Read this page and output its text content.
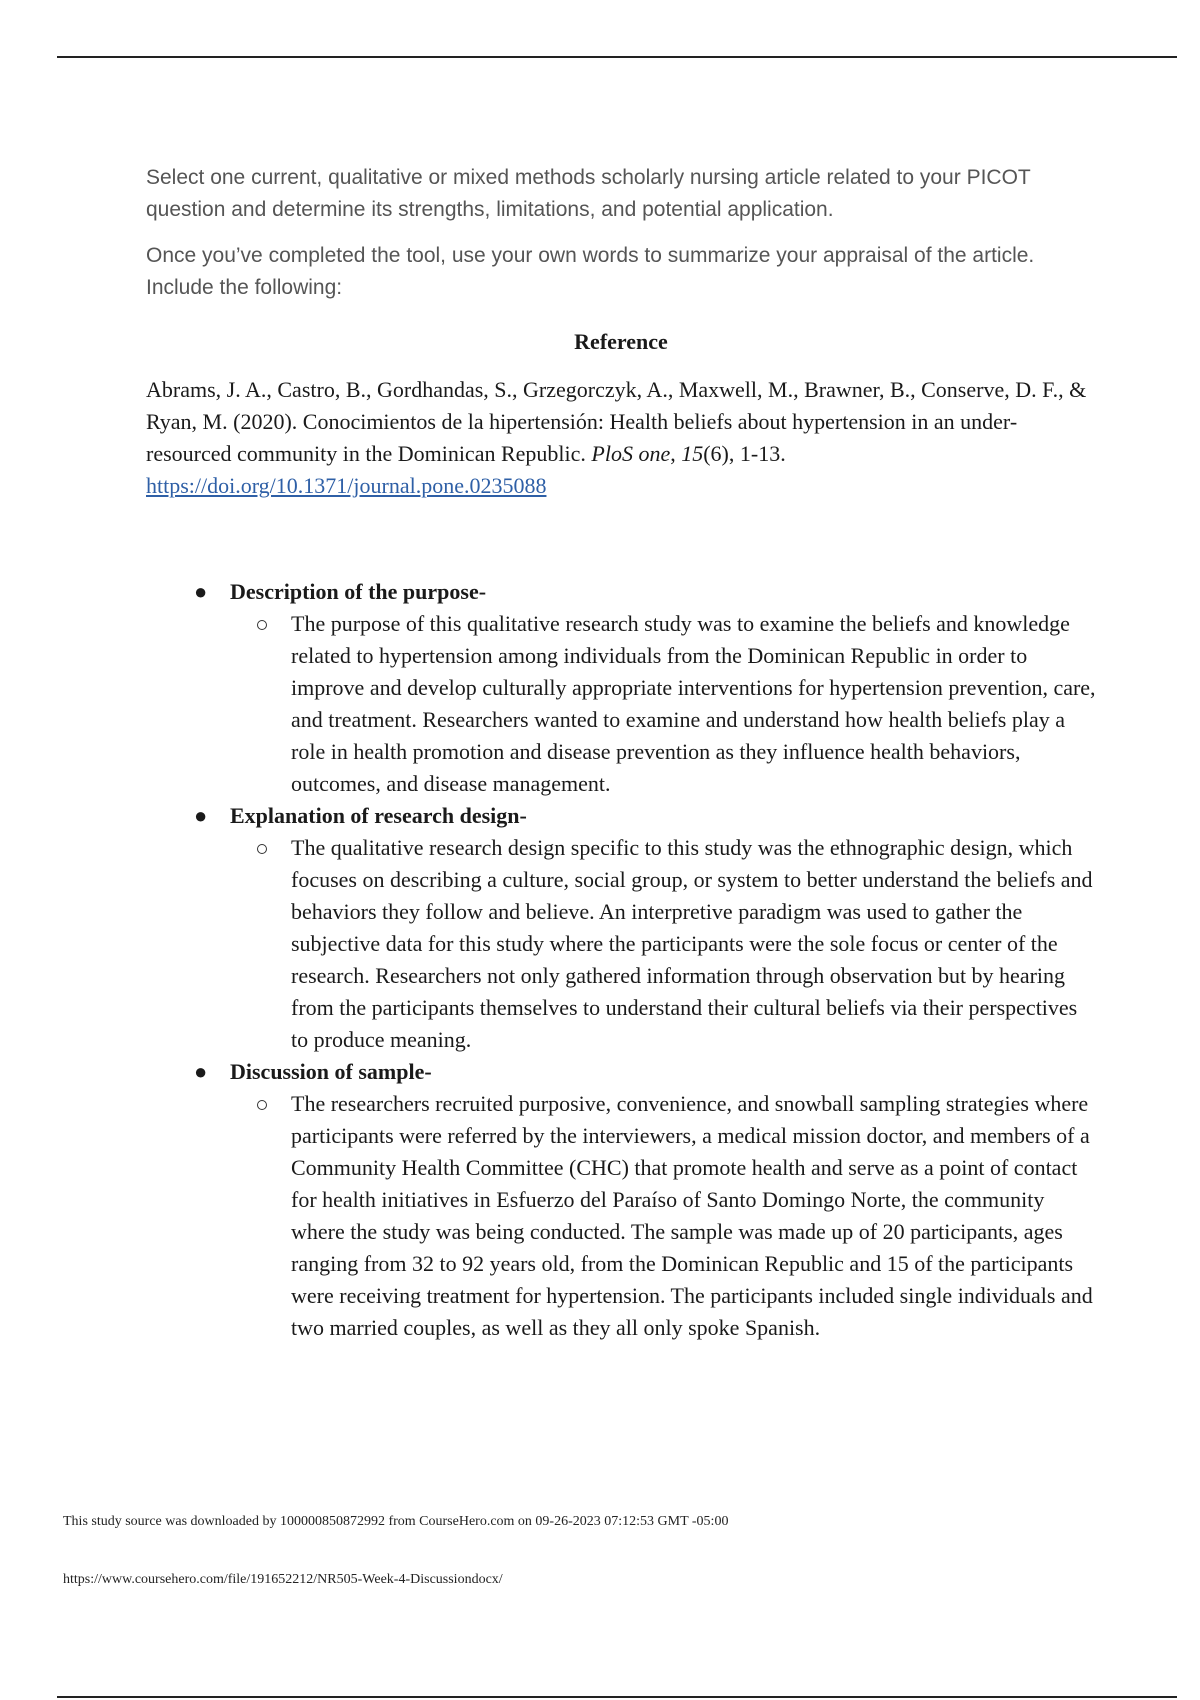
Select one current, qualitative or mixed methods scholarly nursing article related to your PICOT question and determine its strengths, limitations, and potential application.

Once you’ve completed the tool, use your own words to summarize your appraisal of the article. Include the following:

Reference

Abrams, J. A., Castro, B., Gordhandas, S., Grzegorczyk, A., Maxwell, M., Brawner, B., Conserve, D. F., & Ryan, M. (2020). Conocimientos de la hipertensión: Health beliefs about hypertension in an under-resourced community in the Dominican Republic. PloS one, 15(6), 1-13. https://doi.org/10.1371/journal.pone.0235088

● Description of the purpose-
The purpose of this qualitative research study was to examine the beliefs and knowledge related to hypertension among individuals from the Dominican Republic in order to improve and develop culturally appropriate interventions for hypertension prevention, care, and treatment. Researchers wanted to examine and understand how health beliefs play a role in health promotion and disease prevention as they influence health behaviors, outcomes, and disease management.
● Explanation of research design-
The qualitative research design specific to this study was the ethnographic design, which focuses on describing a culture, social group, or system to better understand the beliefs and behaviors they follow and believe. An interpretive paradigm was used to gather the subjective data for this study where the participants were the sole focus or center of the research. Researchers not only gathered information through observation but by hearing from the participants themselves to understand their cultural beliefs via their perspectives to produce meaning.
● Discussion of sample-
The researchers recruited purposive, convenience, and snowball sampling strategies where participants were referred by the interviewers, a medical mission doctor, and members of a Community Health Committee (CHC) that promote health and serve as a point of contact for health initiatives in Esfuerzo del Paraíso of Santo Domingo Norte, the community where the study was being conducted. The sample was made up of 20 participants, ages ranging from 32 to 92 years old, from the Dominican Republic and 15 of the participants were receiving treatment for hypertension. The participants included single individuals and two married couples, as well as they all only spoke Spanish.
This study source was downloaded by 100000850872992 from CourseHero.com on 09-26-2023 07:12:53 GMT -05:00
https://www.coursehero.com/file/191652212/NR505-Week-4-Discussiondocx/
